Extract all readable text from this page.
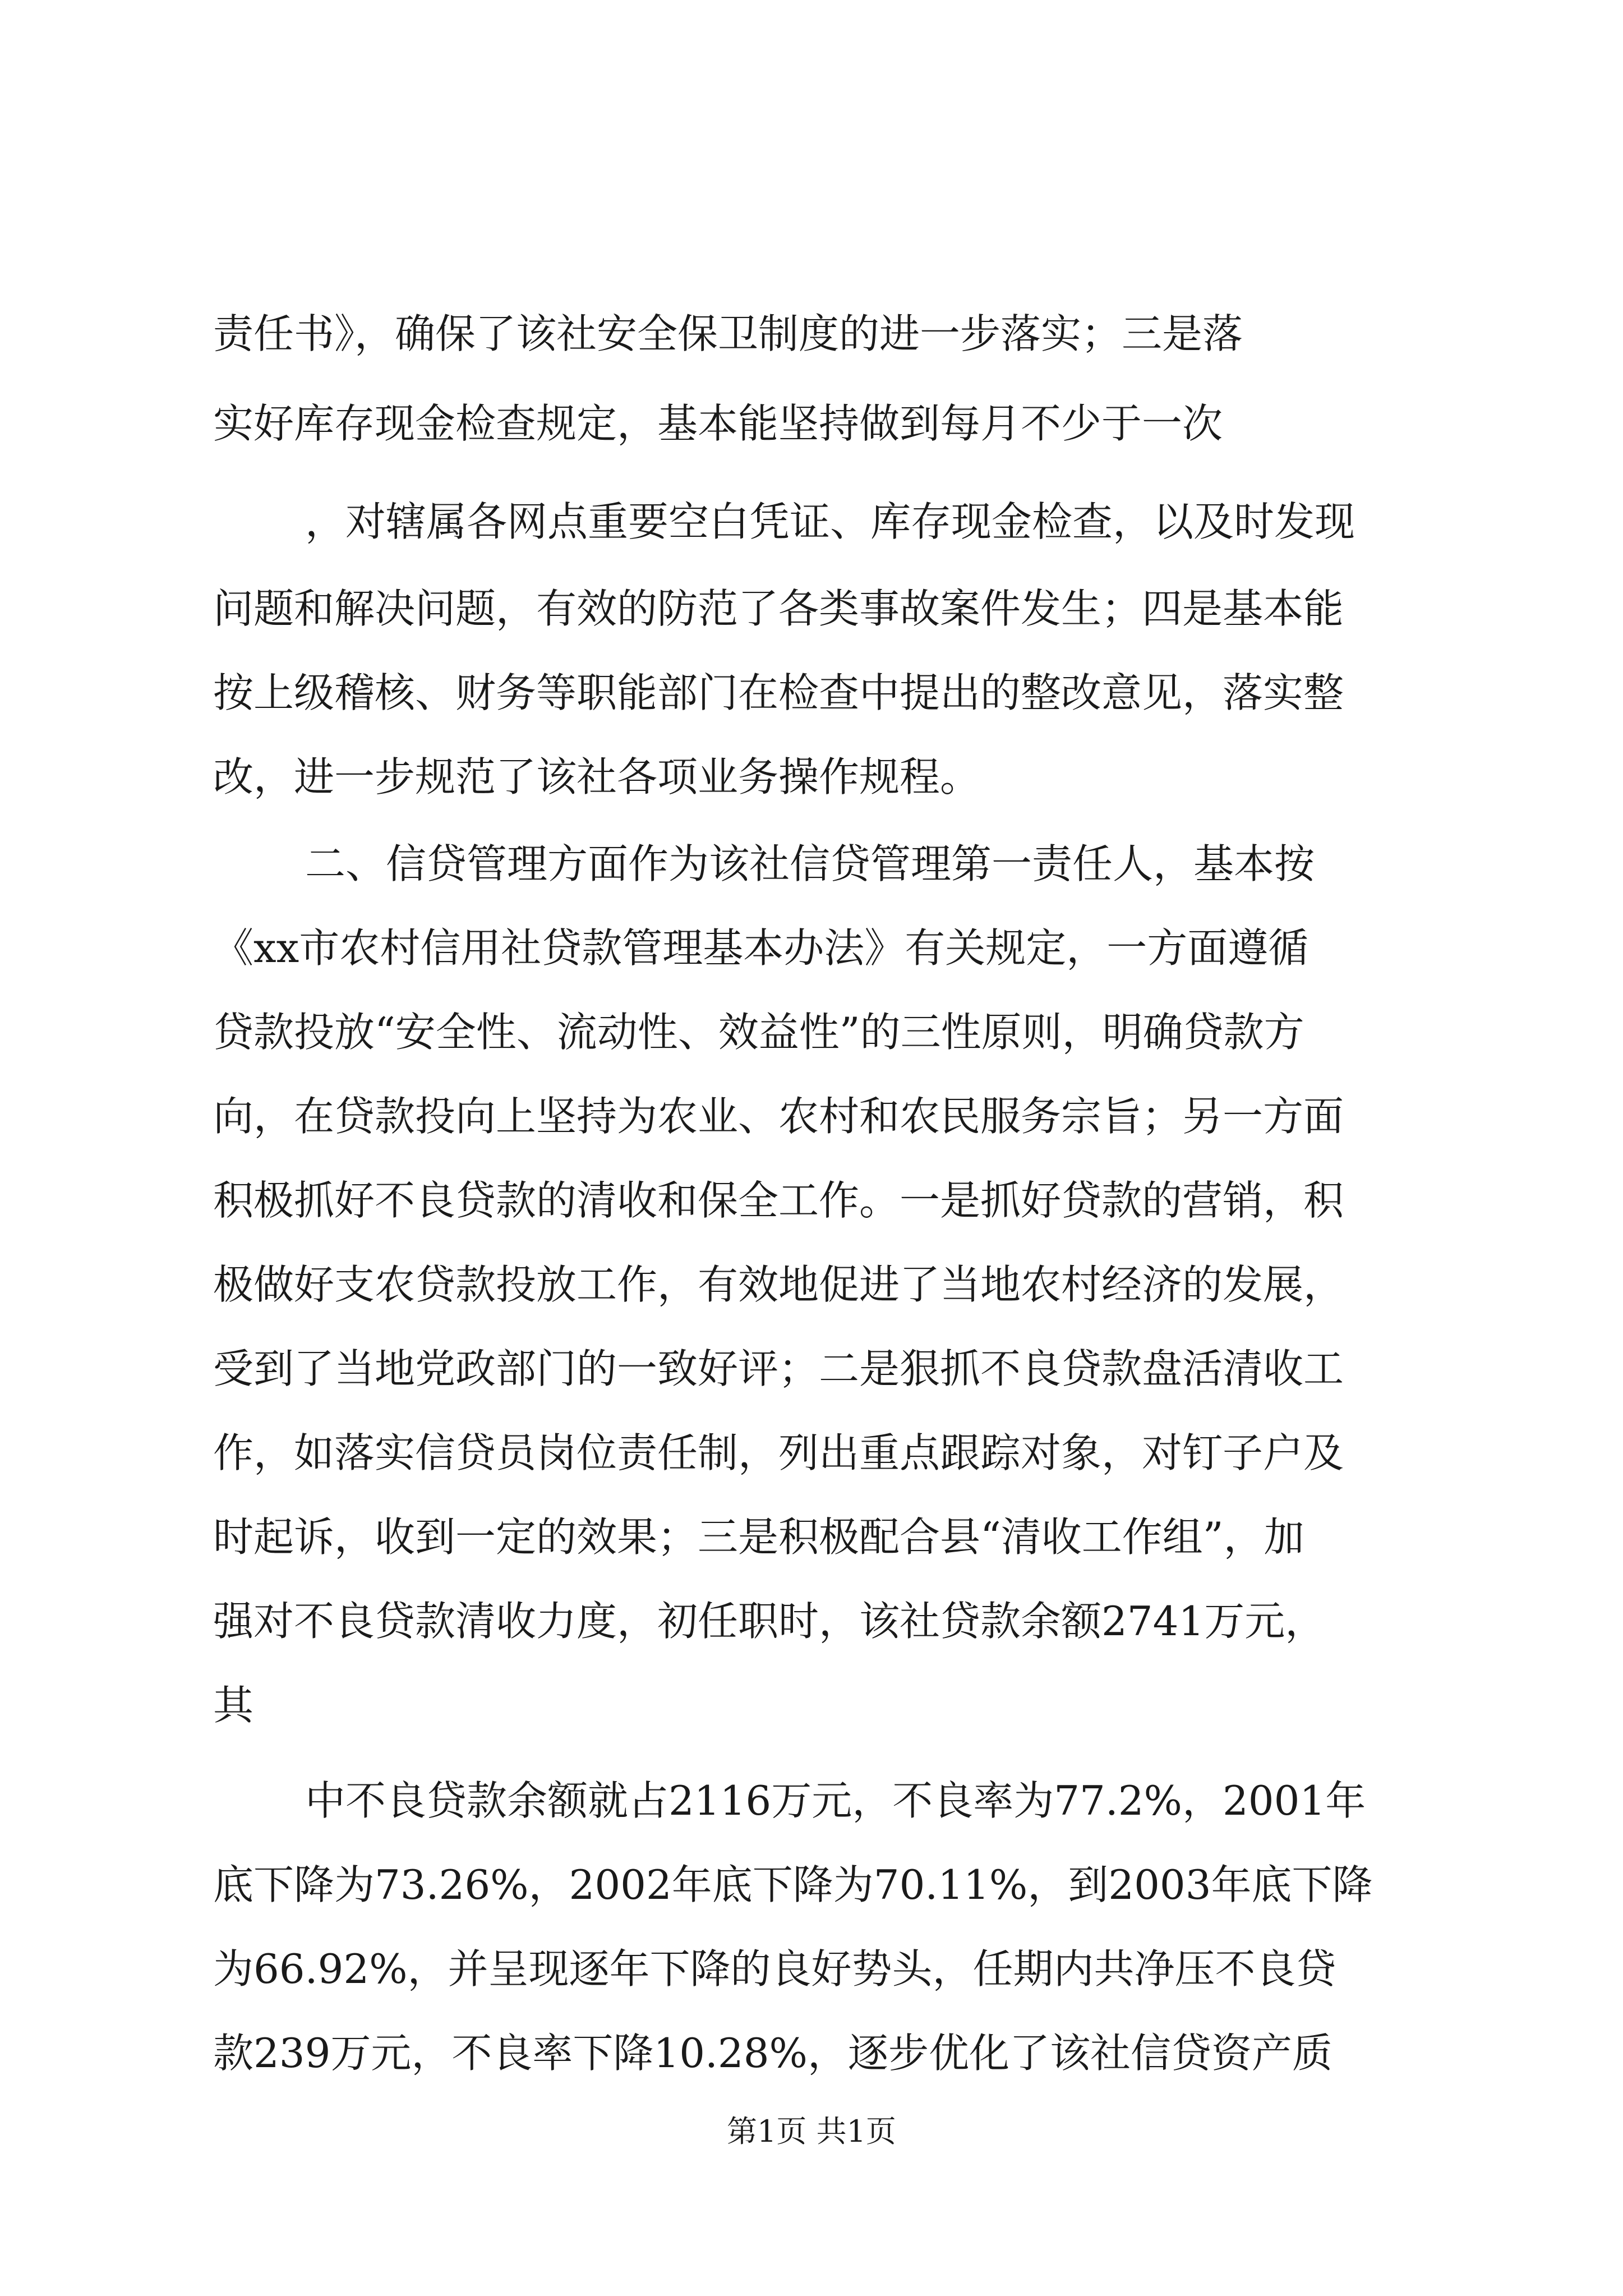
责任书》，确保了该社安全保卫制度的进一步落实；三是落
实好库存现金检查规定，基本能坚持做到每月不少于一次
，对辖属各网点重要空白凭证、库存现金检查，以及时发现
问题和解决问题，有效的防范了各类事故案件发生；四是基本能
按上级稽核、财务等职能部门在检查中提出的整改意见，落实整
改，进一步规范了该社各项业务操作规程。
二、信贷管理方面作为该社信贷管理第一责任人，基本按
《xx市农村信用社贷款管理基本办法》有关规定，一方面遵循
贷款投放“安全性、流动性、效益性”的三性原则，明确贷款方
向，在贷款投向上坚持为农业、农村和农民服务宗旨；另一方面
积极抓好不良贷款的清收和保全工作。一是抓好贷款的营销，积
极做好支农贷款投放工作，有效地促进了当地农村经济的发展，
受到了当地党政部门的一致好评；二是狠抓不良贷款盘活清收工
作，如落实信贷员岗位责任制，列出重点跟踪对象，对钉子户及
时起诉，收到一定的效果；三是积极配合县“清收工作组”，加
强对不良贷款清收力度，初任职时，该社贷款余额2741万元，
其
中不良贷款余额就占2116万元，不良率为77.2%，2001年
底下降为73.26%，2002年底下降为70.11%，到2003年底下降
为66.92%，并呈现逐年下降的良好势头，任期内共净压不良贷
款239万元，不良率下降10.28%，逐步优化了该社信贷资产质
第1页 共1页
